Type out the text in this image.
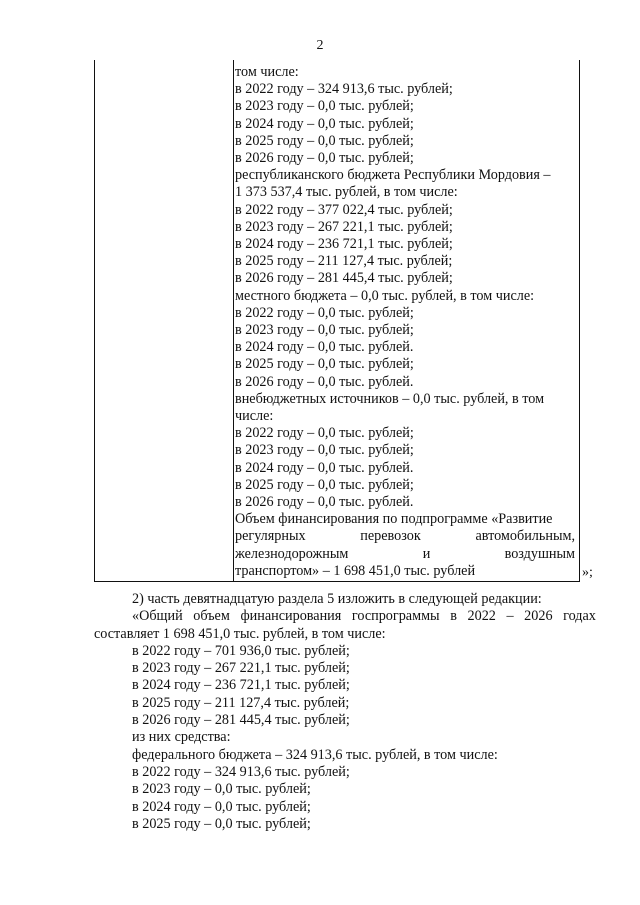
2
том числе:
в 2022 году – 324 913,6 тыс. рублей;
в 2023 году – 0,0 тыс. рублей;
в 2024 году – 0,0 тыс. рублей;
в 2025 году – 0,0 тыс. рублей;
в 2026 году – 0,0 тыс. рублей;
республиканского бюджета Республики Мордовия –
1 373 537,4 тыс. рублей, в том числе:
в 2022 году – 377 022,4 тыс. рублей;
в 2023 году – 267 221,1 тыс. рублей;
в 2024 году – 236 721,1 тыс. рублей;
в 2025 году – 211 127,4 тыс. рублей;
в 2026 году – 281 445,4 тыс. рублей;
местного бюджета – 0,0 тыс. рублей, в том числе:
в 2022 году – 0,0 тыс. рублей;
в 2023 году – 0,0 тыс. рублей;
в 2024 году – 0,0 тыс. рублей.
в 2025 году – 0,0 тыс. рублей;
в 2026 году – 0,0 тыс. рублей.
внебюджетных источников – 0,0 тыс. рублей, в том
числе:
в 2022 году – 0,0 тыс. рублей;
в 2023 году – 0,0 тыс. рублей;
в 2024 году – 0,0 тыс. рублей.
в 2025 году – 0,0 тыс. рублей;
в 2026 году – 0,0 тыс. рублей.
Объем финансирования по подпрограмме «Развитие
регулярных	перевозок	автомобильным,
железнодорожным	и	воздушным
транспортом» – 1 698 451,0 тыс. рублей	»;
2) часть девятнадцатую раздела 5 изложить в следующей редакции:
«Общий объем финансирования госпрограммы в 2022 – 2026 годах
составляет 1 698 451,0 тыс. рублей, в том числе:
в 2022 году – 701 936,0 тыс. рублей;
в 2023 году – 267 221,1 тыс. рублей;
в 2024 году – 236 721,1 тыс. рублей;
в 2025 году – 211 127,4 тыс. рублей;
в 2026 году – 281 445,4 тыс. рублей;
из них средства:
федерального бюджета – 324 913,6 тыс. рублей, в том числе:
в 2022 году – 324 913,6 тыс. рублей;
в 2023 году – 0,0 тыс. рублей;
в 2024 году – 0,0 тыс. рублей;
в 2025 году – 0,0 тыс. рублей;
